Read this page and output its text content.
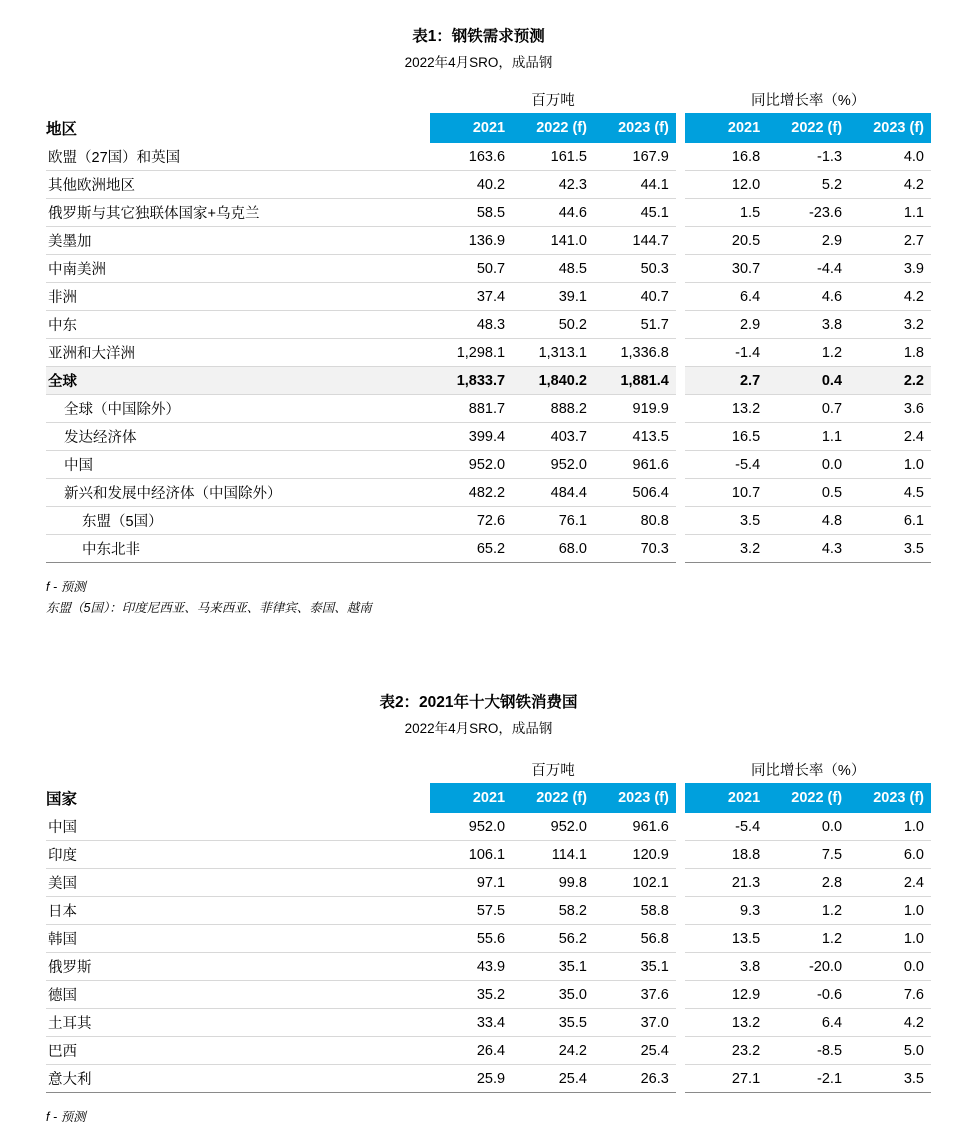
表1：钢铁需求预测
2022年4月SRO，成品钢
	百万吨				同比增长率（%）		
地区	2021	2022 (f)	2023 (f)		2021	2022 (f)	2023 (f)
欧盟（27国）和英国	163.6	161.5	167.9		16.8	-1.3	4.0
其他欧洲地区	40.2	42.3	44.1		12.0	5.2	4.2
俄罗斯与其它独联体国家+乌克兰	58.5	44.6	45.1		1.5	-23.6	1.1
美墨加	136.9	141.0	144.7		20.5	2.9	2.7
中南美洲	50.7	48.5	50.3		30.7	-4.4	3.9
非洲	37.4	39.1	40.7		6.4	4.6	4.2
中东	48.3	50.2	51.7		2.9	3.8	3.2
亚洲和大洋洲	1,298.1	1,313.1	1,336.8		-1.4	1.2	1.8
全球	1,833.7	1,840.2	1,881.4		2.7	0.4	2.2
全球（中国除外）	881.7	888.2	919.9		13.2	0.7	3.6
发达经济体	399.4	403.7	413.5		16.5	1.1	2.4
中国	952.0	952.0	961.6		-5.4	0.0	1.0
新兴和发展中经济体（中国除外）	482.2	484.4	506.4		10.7	0.5	4.5
东盟（5国）	72.6	76.1	80.8		3.5	4.8	6.1
中东北非	65.2	68.0	70.3		3.2	4.3	3.5
f - 预测
东盟（5国）：印度尼西亚、马来西亚、菲律宾、泰国、越南
表2：2021年十大钢铁消费国
2022年4月SRO，成品钢
	百万吨				同比增长率（%）		
国家	2021	2022 (f)	2023 (f)		2021	2022 (f)	2023 (f)
中国	952.0	952.0	961.6		-5.4	0.0	1.0
印度	106.1	114.1	120.9		18.8	7.5	6.0
美国	97.1	99.8	102.1		21.3	2.8	2.4
日本	57.5	58.2	58.8		9.3	1.2	1.0
韩国	55.6	56.2	56.8		13.5	1.2	1.0
俄罗斯	43.9	35.1	35.1		3.8	-20.0	0.0
德国	35.2	35.0	37.6		12.9	-0.6	7.6
土耳其	33.4	35.5	37.0		13.2	6.4	4.2
巴西	26.4	24.2	25.4		23.2	-8.5	5.0
意大利	25.9	25.4	26.3		27.1	-2.1	3.5
f - 预测
